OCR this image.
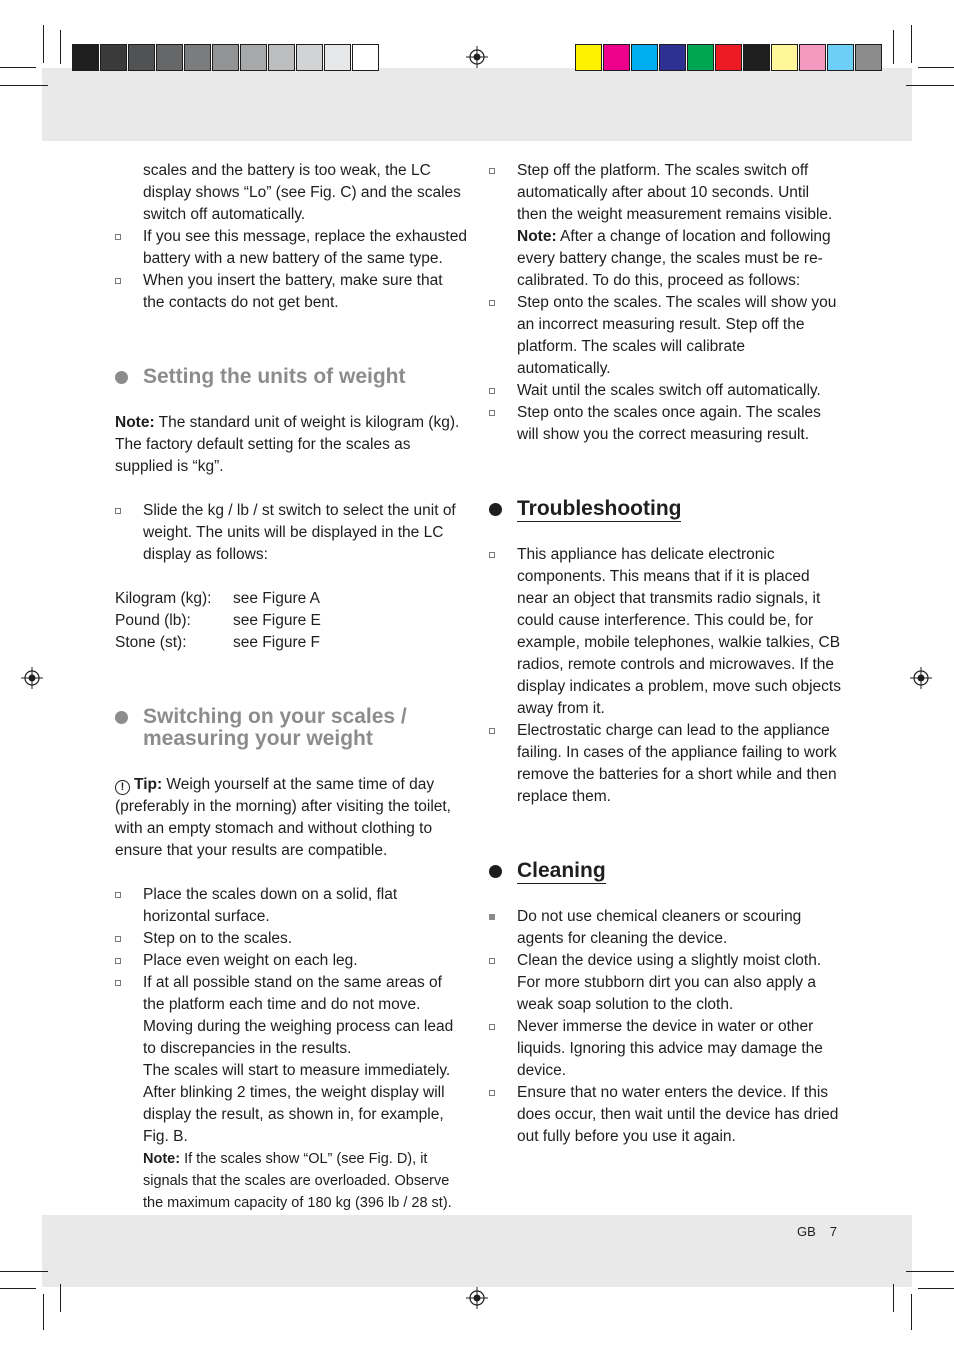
scales and the battery is too weak, the LC display shows “Lo” (see Fig. C) and the scales switch off automatically.

If you see this message, replace the exhausted battery with a new battery of the same type.
When you insert the battery, make sure that the contacts do not get bent.
Setting the units of weight

Note: The standard unit of weight is kilogram (kg). The factory default setting for the scales as supplied is “kg”.

Slide the kg / lb / st switch to select the unit of weight. The units will be displayed in the LC display as follows:
Kilogram (kg):	see Figure A
Pound (lb):	see Figure E
Stone (st):	see Figure F
Switching on your scales /
measuring your weight

! Tip: Weigh yourself at the same time of day (preferably in the morning) after visiting the toilet, with an empty stomach and without clothing to ensure that your results are compatible.

Place the scales down on a solid, flat horizontal surface.
Step on to the scales.
Place even weight on each leg.
If at all possible stand on the same areas of the platform each time and do not move. Moving during the weighing process can lead to discrepancies in the results.

The scales will start to measure immediately. After blinking 2 times, the weight display will display the result, as shown in, for example, Fig. B.

Note: If the scales show “OL” (see Fig. D), it signals that the scales are overloaded. Observe the maximum capacity of 180 kg (396 lb / 28 st).

Step off the platform. The scales switch off automatically after about 10 seconds. Until then the weight measurement remains visible.

Note: After a change of location and following every battery change, the scales must be re-calibrated. To do this, proceed as follows:

Step onto the scales. The scales will show you an incorrect measuring result. Step off the platform. The scales will calibrate automatically.
Wait until the scales switch off automatically.
Step onto the scales once again. The scales will show you the correct measuring result.
Troubleshooting
This appliance has delicate electronic components. This means that if it is placed near an object that transmits radio signals, it could cause interference. This could be, for example, mobile telephones, walkie talkies, CB radios, remote controls and microwaves. If the display indicates a problem, move such objects away from it.
Electrostatic charge can lead to the appliance failing. In cases of the appliance failing to work remove the batteries for a short while and then replace them.
Cleaning
Do not use chemical cleaners or scouring agents for cleaning the device.
Clean the device using a slightly moist cloth. For more stubborn dirt you can also apply a weak soap solution to the cloth.
Never immerse the device in water or other liquids. Ignoring this advice may damage the device.
Ensure that no water enters the device. If this does occur, then wait until the device has dried out fully before you use it again.
GB 7
